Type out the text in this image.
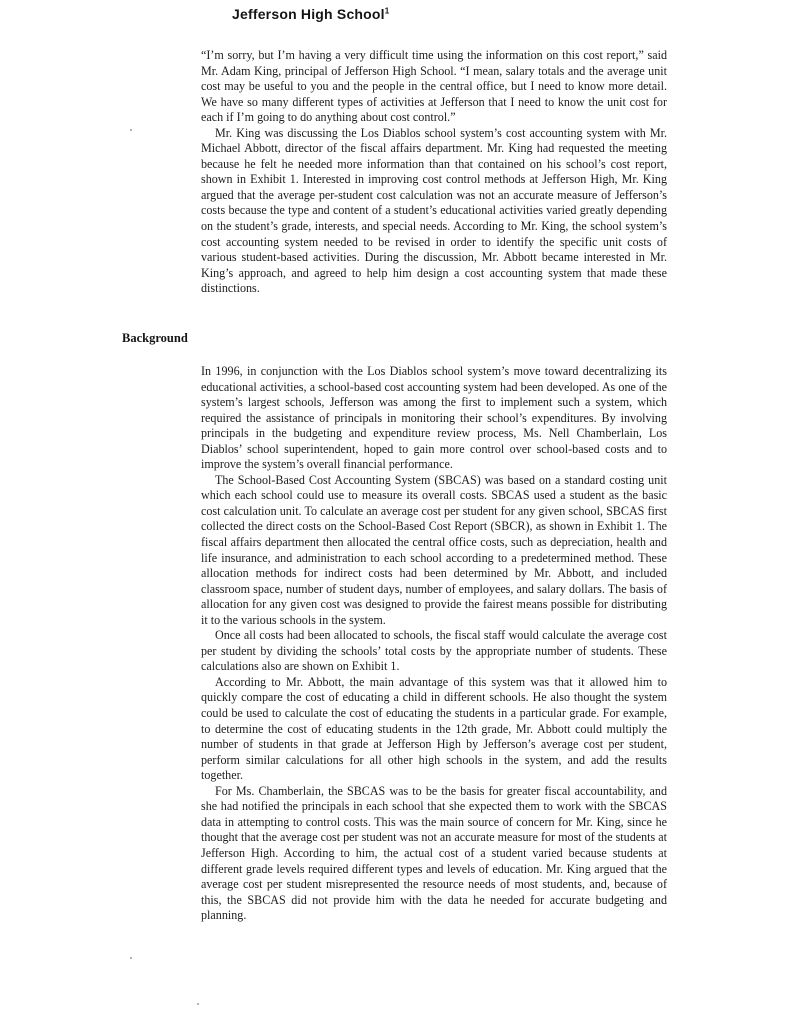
Jefferson High School$^1$

“I’m sorry, but I’m having a very difficult time using the information on this cost report,” said Mr. Adam King, principal of Jefferson High School. “I mean, salary totals and the average unit cost may be useful to you and the people in the central office, but I need to know more detail. We have so many different types of activities at Jefferson that I need to know the unit cost for each if I’m going to do anything about cost control.”

Mr. King was discussing the Los Diablos school system’s cost accounting system with Mr. Michael Abbott, director of the fiscal affairs department. Mr. King had requested the meeting because he felt he needed more information than that contained on his school’s cost report, shown in Exhibit 1. Interested in improving cost control methods at Jefferson High, Mr. King argued that the average per-student cost calculation was not an accurate measure of Jefferson’s costs because the type and content of a student’s educational activities varied greatly depending on the student’s grade, interests, and special needs. According to Mr. King, the school system’s cost accounting system needed to be revised in order to identify the specific unit costs of various student-based activities. During the discussion, Mr. Abbott became interested in Mr. King’s approach, and agreed to help him design a cost accounting system that made these distinctions.

Background

In 1996, in conjunction with the Los Diablos school system’s move toward decentralizing its educational activities, a school-based cost accounting system had been developed. As one of the system’s largest schools, Jefferson was among the first to implement such a system, which required the assistance of principals in monitoring their school’s expenditures. By involving principals in the budgeting and expenditure review process, Ms. Nell Chamberlain, Los Diablos’ school superintendent, hoped to gain more control over school-based costs and to improve the system’s overall financial performance.

The School-Based Cost Accounting System (SBCAS) was based on a standard costing unit which each school could use to measure its overall costs. SBCAS used a student as the basic cost calculation unit. To calculate an average cost per student for any given school, SBCAS first collected the direct costs on the School-Based Cost Report (SBCR), as shown in Exhibit 1. The fiscal affairs department then allocated the central office costs, such as depreciation, health and life insurance, and administration to each school according to a predetermined method. These allocation methods for indirect costs had been determined by Mr. Abbott, and included classroom space, number of student days, number of employees, and salary dollars. The basis of allocation for any given cost was designed to provide the fairest means possible for distributing it to the various schools in the system.

Once all costs had been allocated to schools, the fiscal staff would calculate the average cost per student by dividing the schools’ total costs by the appropriate number of students. These calculations also are shown on Exhibit 1.

According to Mr. Abbott, the main advantage of this system was that it allowed him to quickly compare the cost of educating a child in different schools. He also thought the system could be used to calculate the cost of educating the students in a particular grade. For example, to determine the cost of educating students in the 12th grade, Mr. Abbott could multiply the number of students in that grade at Jefferson High by Jefferson’s average cost per student, perform similar calculations for all other high schools in the system, and add the results together.

For Ms. Chamberlain, the SBCAS was to be the basis for greater fiscal accountability, and she had notified the principals in each school that she expected them to work with the SBCAS data in attempting to control costs. This was the main source of concern for Mr. King, since he thought that the average cost per student was not an accurate measure for most of the students at Jefferson High. According to him, the actual cost of a student varied because students at different grade levels required different types and levels of education. Mr. King argued that the average cost per student misrepresented the resource needs of most students, and, because of this, the SBCAS did not provide him with the data he needed for accurate budgeting and planning.
